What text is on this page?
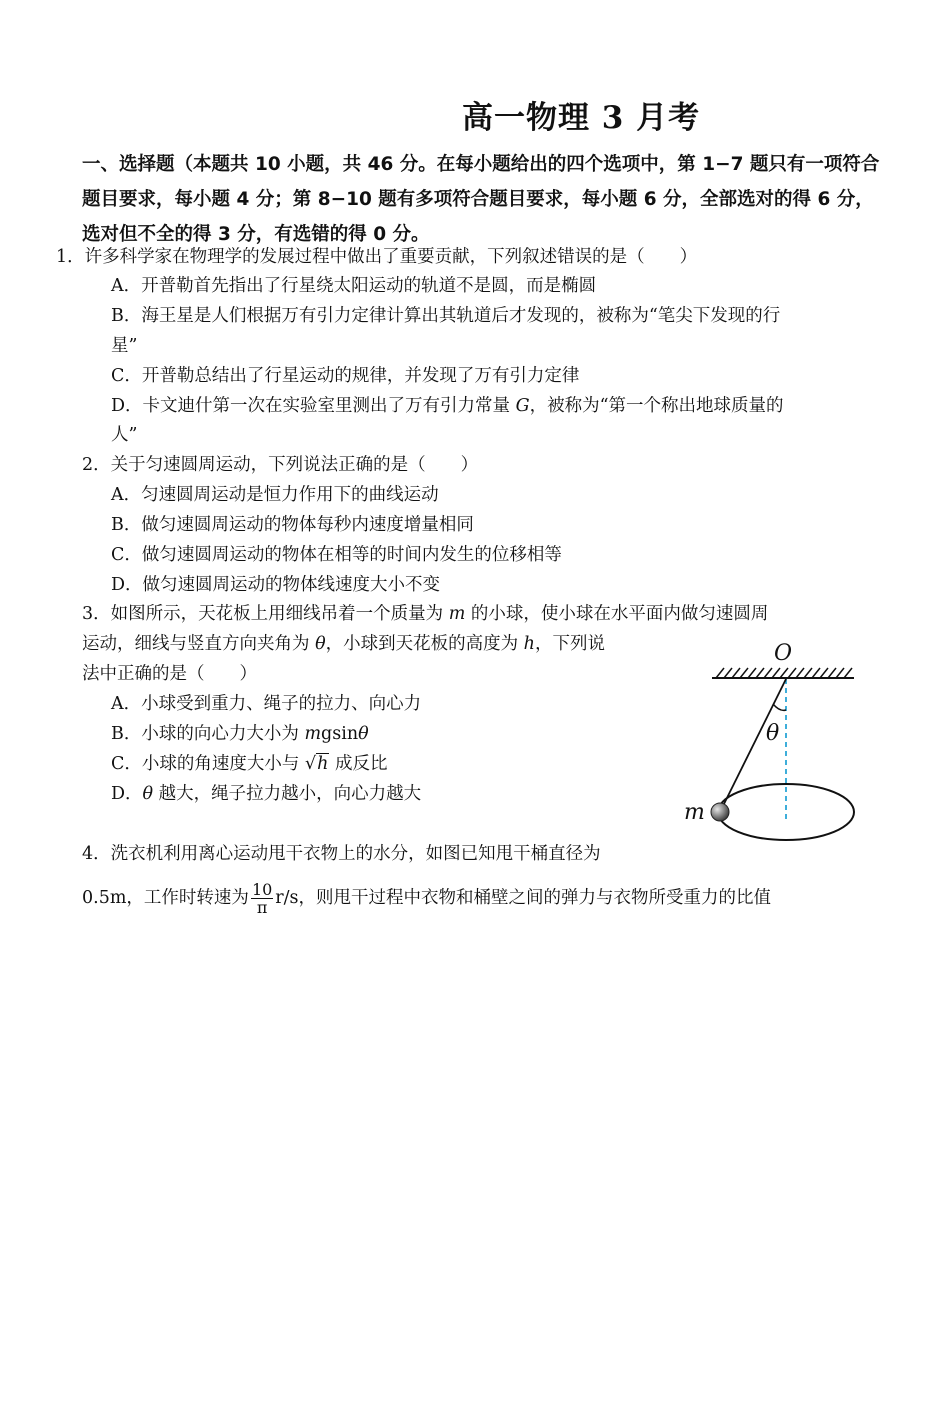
高一物理 3 月考
一、选择题（本题共 10 小题，共 46 分。在每小题给出的四个选项中，第 1−7 题只有一项符合题目要求，每小题 4 分；第 8−10 题有多项符合题目要求，每小题 6 分，全部选对的得 6 分，选对但不全的得 3 分，有选错的得 0 分。
1．许多科学家在物理学的发展过程中做出了重要贡献，下列叙述错误的是（　　）
A．开普勒首先指出了行星绕太阳运动的轨道不是圆，而是椭圆
B．海王星是人们根据万有引力定律计算出其轨道后才发现的，被称为“笔尖下发现的行
星”
C．开普勒总结出了行星运动的规律，并发现了万有引力定律
D．卡文迪什第一次在实验室里测出了万有引力常量 G，被称为“第一个称出地球质量的
人”
2．关于匀速圆周运动，下列说法正确的是（　　）
A．匀速圆周运动是恒力作用下的曲线运动
B．做匀速圆周运动的物体每秒内速度增量相同
C．做匀速圆周运动的物体在相等的时间内发生的位移相等
D．做匀速圆周运动的物体线速度大小不变
3．如图所示，天花板上用细线吊着一个质量为 m 的小球，使小球在水平面内做匀速圆周
运动，细线与竖直方向夹角为 θ，小球到天花板的高度为 h，下列说
法中正确的是（　　）
A．小球受到重力、绳子的拉力、向心力
B．小球的向心力大小为 mgsinθ
C．小球的角速度大小与 √h 成反比
D．θ 越大，绳子拉力越小，向心力越大
O
θ
m
4．洗衣机利用离心运动甩干衣物上的水分，如图已知甩干桶直径为
0.5m，工作时转速为 $\frac{10}{\pi} r/s$，则甩干过程中衣物和桶壁之间的弹力与衣物所受重力的比值
